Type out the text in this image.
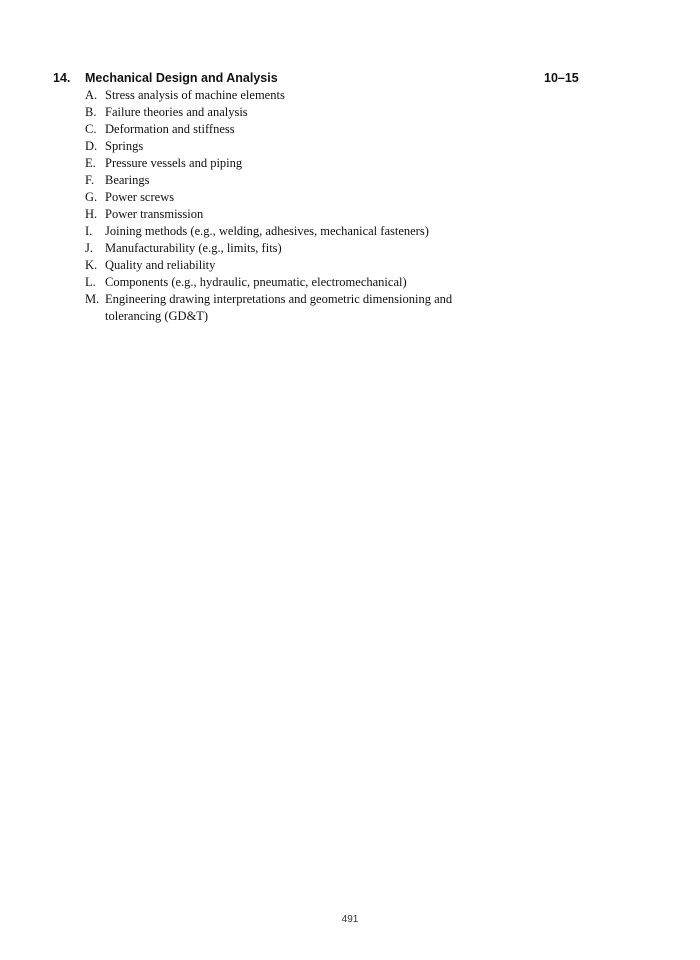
14. Mechanical Design and Analysis	10–15
A. Stress analysis of machine elements
B. Failure theories and analysis
C. Deformation and stiffness
D. Springs
E. Pressure vessels and piping
F. Bearings
G. Power screws
H. Power transmission
I. Joining methods (e.g., welding, adhesives, mechanical fasteners)
J. Manufacturability (e.g., limits, fits)
K. Quality and reliability
L. Components (e.g., hydraulic, pneumatic, electromechanical)
M. Engineering drawing interpretations and geometric dimensioning and tolerancing (GD&T)
491
